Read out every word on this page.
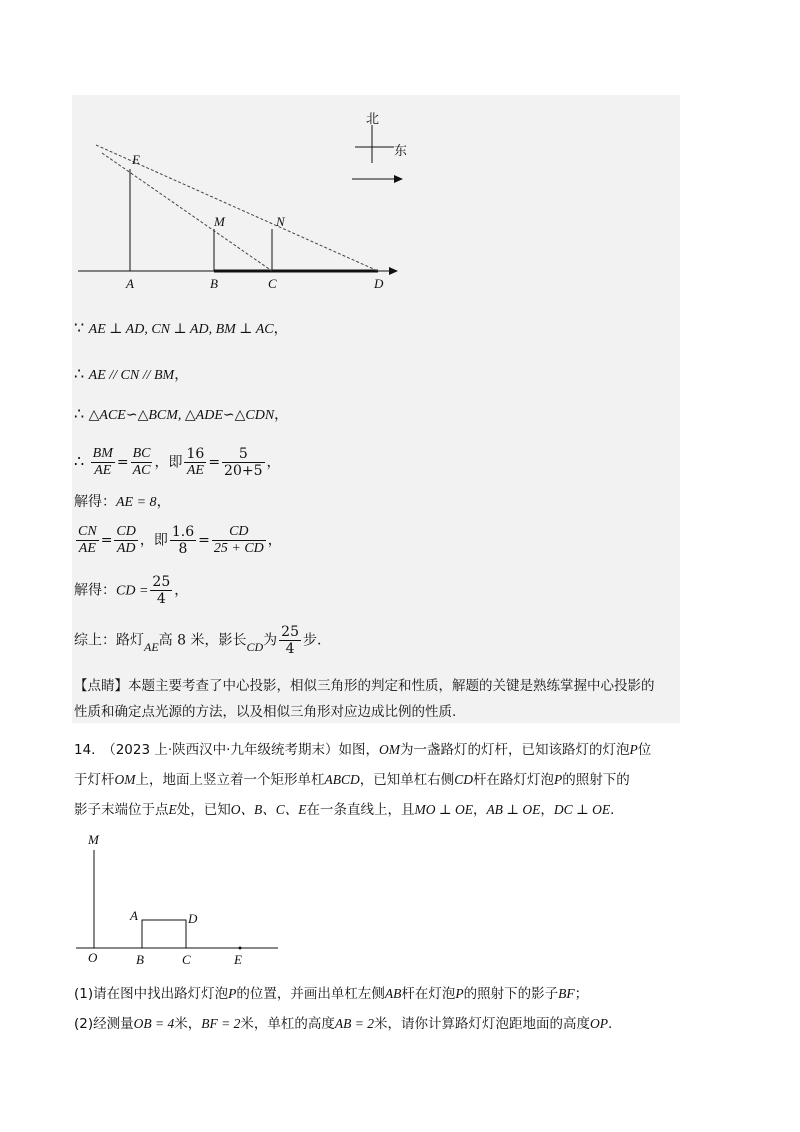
E
M	N
A	B	C	D
北
东
∵ AE ⊥ AD, CN ⊥ AD, BM ⊥ AC，
∴ AE // CN // BM，
∴ △ACE∽△BCM, △ADE∽△CDN，
∴ $\frac{BM}{AE} = \frac{BC}{AC}$ ，即 $\frac{16}{AE} = \frac{5}{20+5}$ ，
解得：AE = 8，
$\frac{CN}{AE} = \frac{CD}{AD}$ ，即 $\frac{1.6}{8} = \frac{CD}{25 + CD}$ ，
解得：CD = $\frac{25}{4}$ ，
综上：路灯AE高 8 米，影长CD为 $\frac{25}{4}$ 步.
【点睛】本题主要考查了中心投影，相似三角形的判定和性质，解题的关键是熟练掌握中心投影的
性质和确定点光源的方法，以及相似三角形对应边成比例的性质.
14.　（2023 上·陕西汉中·九年级统考期末）如图，OM为一盏路灯的灯杆，已知该路灯的灯泡P位
于灯杆OM上，地面上竖立着一个矩形单杠ABCD，已知单杠右侧CD杆在路灯灯泡P的照射下的
影子末端位于点E处，已知O、B、C、E在一条直线上，且MO ⊥ OE，AB ⊥ OE，DC ⊥ OE.
M
A	D
O	B	C	E
(1)请在图中找出路灯灯泡P的位置，并画出单杠左侧AB杆在灯泡P的照射下的影子BF；
(2)经测量OB = 4米，BF = 2米，单杠的高度AB = 2米，请你计算路灯灯泡距地面的高度OP.
